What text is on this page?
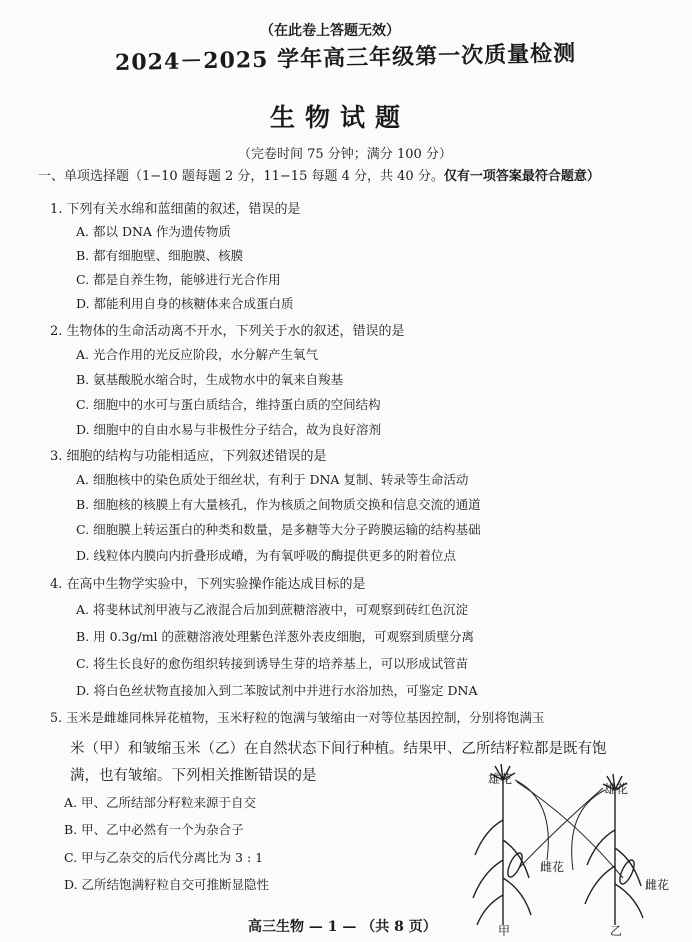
（在此卷上答题无效）
2024－2025 学年高三年级第一次质量检测
生物试题
（完卷时间 75 分钟；满分 100 分）
一、单项选择题（1−10 题每题 2 分，11−15 每题 4 分，共 40 分。仅有一项答案最符合题意）
1. 下列有关水绵和蓝细菌的叙述，错误的是
A. 都以 DNA 作为遗传物质
B. 都有细胞壁、细胞膜、核膜
C. 都是自养生物，能够进行光合作用
D. 都能利用自身的核糖体来合成蛋白质
2. 生物体的生命活动离不开水，下列关于水的叙述，错误的是
A. 光合作用的光反应阶段，水分解产生氧气
B. 氨基酸脱水缩合时，生成物水中的氧来自羧基
C. 细胞中的水可与蛋白质结合，维持蛋白质的空间结构
D. 细胞中的自由水易与非极性分子结合，故为良好溶剂
3. 细胞的结构与功能相适应，下列叙述错误的是
A. 细胞核中的染色质处于细丝状，有利于 DNA 复制、转录等生命活动
B. 细胞核的核膜上有大量核孔，作为核质之间物质交换和信息交流的通道
C. 细胞膜上转运蛋白的种类和数量，是多糖等大分子跨膜运输的结构基础
D. 线粒体内膜向内折叠形成嵴，为有氧呼吸的酶提供更多的附着位点
4. 在高中生物学实验中，下列实验操作能达成目标的是
A. 将斐林试剂甲液与乙液混合后加到蔗糖溶液中，可观察到砖红色沉淀
B. 用 0.3g/ml 的蔗糖溶液处理紫色洋葱外表皮细胞，可观察到质壁分离
C. 将生长良好的愈伤组织转接到诱导生芽的培养基上，可以形成试管苗
D. 将白色丝状物直接加入到二苯胺试剂中并进行水浴加热，可鉴定 DNA
5. 玉米是雌雄同株异花植物，玉米籽粒的饱满与皱缩由一对等位基因控制，分别将饱满玉
米（甲）和皱缩玉米（乙）在自然状态下间行种植。结果甲、乙所结籽粒都是既有饱
满，也有皱缩。下列相关推断错误的是
A. 甲、乙所结部分籽粒来源于自交
B. 甲、乙中必然有一个为杂合子
C. 甲与乙杂交的后代分离比为 3 : 1
D. 乙所结饱满籽粒自交可推断显隐性
雄花
雄花
雌花
雌花
甲	乙
高三生物 — 1 — （共 8 页）
